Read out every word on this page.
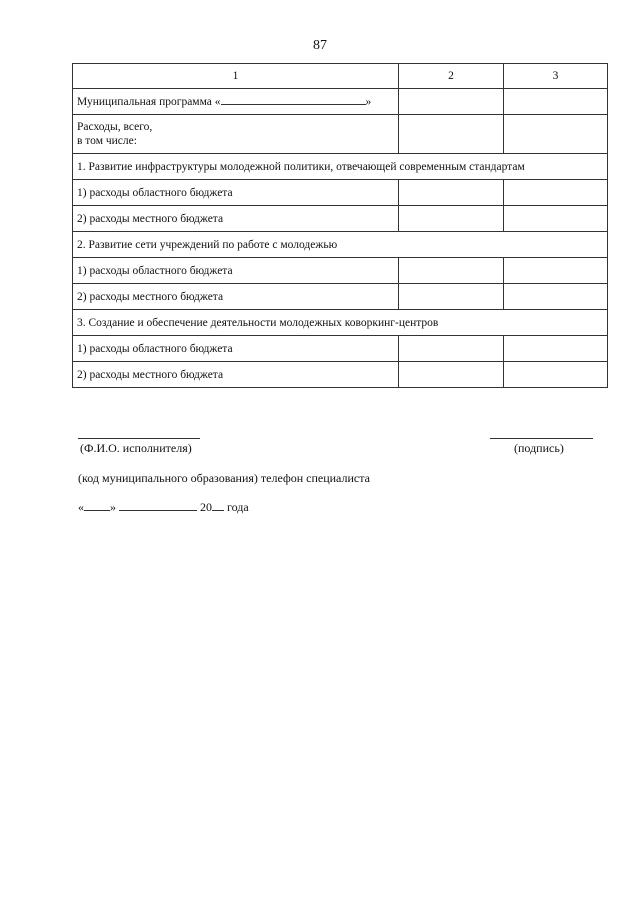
87
1	2	3
Муниципальная программа « »		
Расходы, всего,
в том числе:		
1. Развитие инфраструктуры молодежной политики, отвечающей современным стандартам		
1) расходы областного бюджета		
2) расходы местного бюджета		
2. Развитие сети учреждений по работе с молодежью		
1) расходы областного бюджета		
2) расходы местного бюджета		
3. Создание и обеспечение деятельности молодежных коворкинг-центров		
1) расходы областного бюджета		
2) расходы местного бюджета		
(Ф.И.О. исполнителя)	(подпись)
(код муниципального образования) телефон специалиста
« »	20 года
